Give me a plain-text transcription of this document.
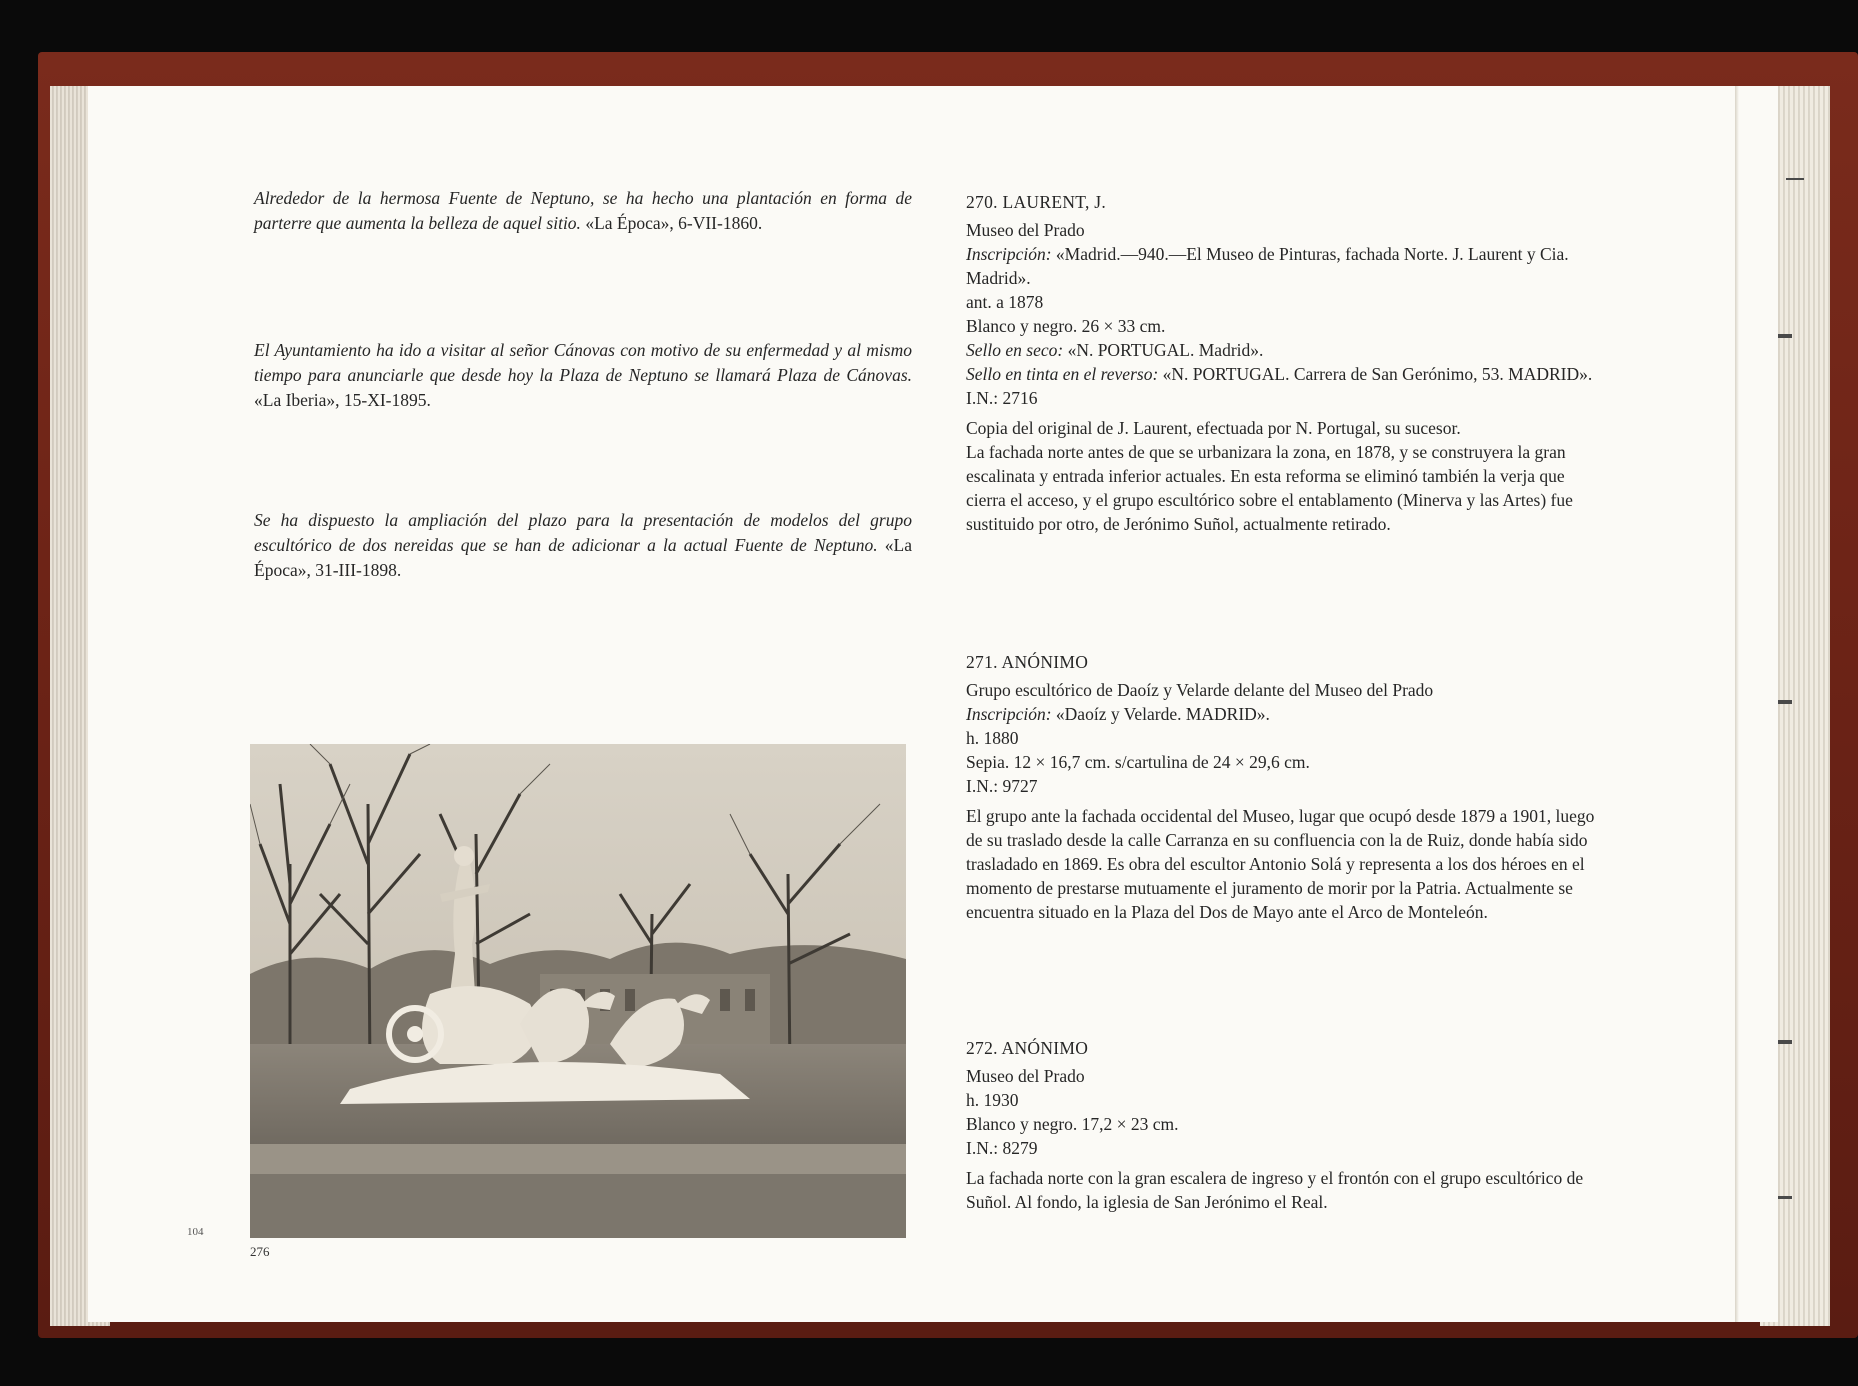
Alrededor de la hermosa Fuente de Neptuno, se ha hecho una plantación en forma de parterre que aumenta la belleza de aquel sitio. «La Época», 6-VII-1860.

El Ayuntamiento ha ido a visitar al señor Cánovas con motivo de su enfermedad y al mismo tiempo para anunciarle que desde hoy la Plaza de Neptuno se llamará Plaza de Cánovas. «La Iberia», 15-XI-1895.

Se ha dispuesto la ampliación del plazo para la presentación de modelos del grupo escultórico de dos nereidas que se han de adicionar a la actual Fuente de Neptuno. «La Época», 31-III-1898.

276
104

270. LAURENT, J.

Museo del Prado

Inscripción: «Madrid.—940.—El Museo de Pinturas, fachada Norte. J. Laurent y Cia. Madrid».

ant. a 1878

Blanco y negro. 26 × 33 cm.

Sello en seco: «N. PORTUGAL. Madrid».

Sello en tinta en el reverso: «N. PORTUGAL. Carrera de San Gerónimo, 53. MADRID».

I.N.: 2716

Copia del original de J. Laurent, efectuada por N. Portugal, su sucesor.

La fachada norte antes de que se urbanizara la zona, en 1878, y se construyera la gran escalinata y entrada inferior actuales. En esta reforma se eliminó también la verja que cierra el acceso, y el grupo escultórico sobre el entablamento (Minerva y las Artes) fue sustituido por otro, de Jerónimo Suñol, actualmente retirado.

271. ANÓNIMO

Grupo escultórico de Daoíz y Velarde delante del Museo del Prado

Inscripción: «Daoíz y Velarde. MADRID».

h. 1880

Sepia. 12 × 16,7 cm. s/cartulina de 24 × 29,6 cm.

I.N.: 9727

El grupo ante la fachada occidental del Museo, lugar que ocupó desde 1879 a 1901, luego de su traslado desde la calle Carranza en su confluencia con la de Ruiz, donde había sido trasladado en 1869. Es obra del escultor Antonio Solá y representa a los dos héroes en el momento de prestarse mutuamente el juramento de morir por la Patria. Actualmente se encuentra situado en la Plaza del Dos de Mayo ante el Arco de Monteleón.

272. ANÓNIMO

Museo del Prado

h. 1930

Blanco y negro. 17,2 × 23 cm.

I.N.: 8279

La fachada norte con la gran escalera de ingreso y el frontón con el grupo escultórico de Suñol. Al fondo, la iglesia de San Jerónimo el Real.
